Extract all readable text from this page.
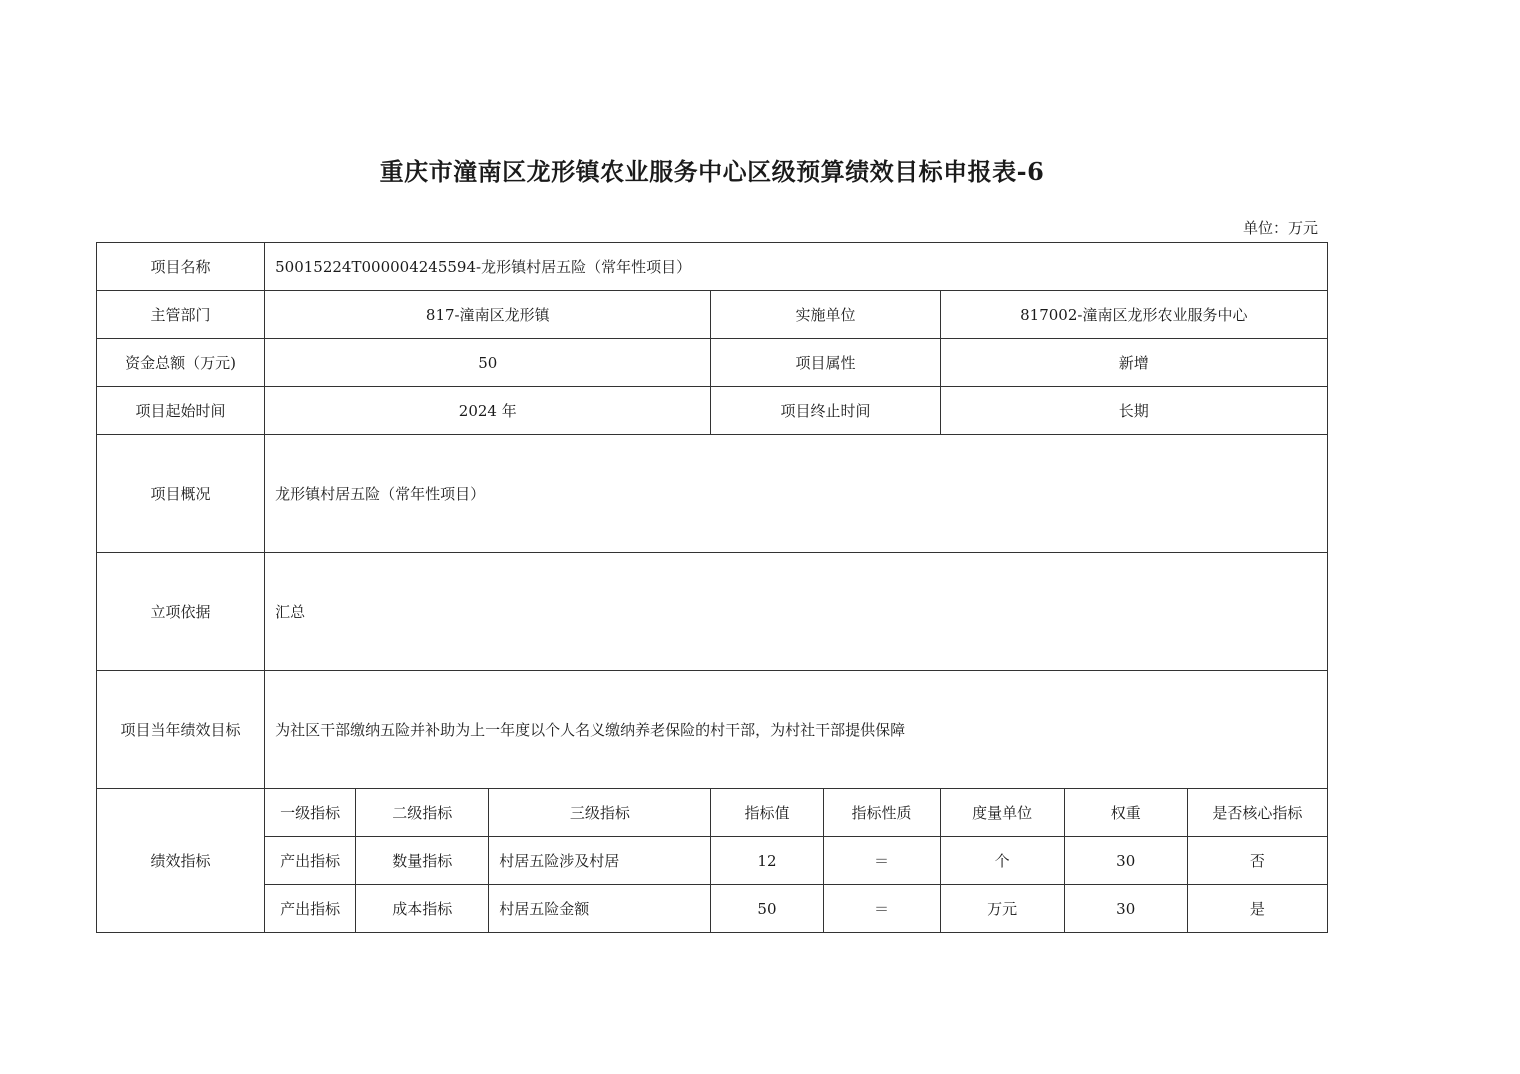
重庆市潼南区龙形镇农业服务中心区级预算绩效目标申报表-6
单位：万元
项目名称	50015224T000004245594-龙形镇村居五险（常年性项目）							
主管部门	817-潼南区龙形镇			实施单位		817002-潼南区龙形农业服务中心		
资金总额（万元)	50			项目属性		新增		
项目起始时间	2024 年			项目终止时间		长期		
项目概况	龙形镇村居五险（常年性项目）							
立项依据	汇总							
项目当年绩效目标	为社区干部缴纳五险并补助为上一年度以个人名义缴纳养老保险的村干部，为村社干部提供保障							
绩效指标	一级指标	二级指标	三级指标	指标值	指标性质	度量单位	权重	是否核心指标
	产出指标	数量指标	村居五险涉及村居	12	＝	个	30	否
	产出指标	成本指标	村居五险金额	50	＝	万元	30	是
